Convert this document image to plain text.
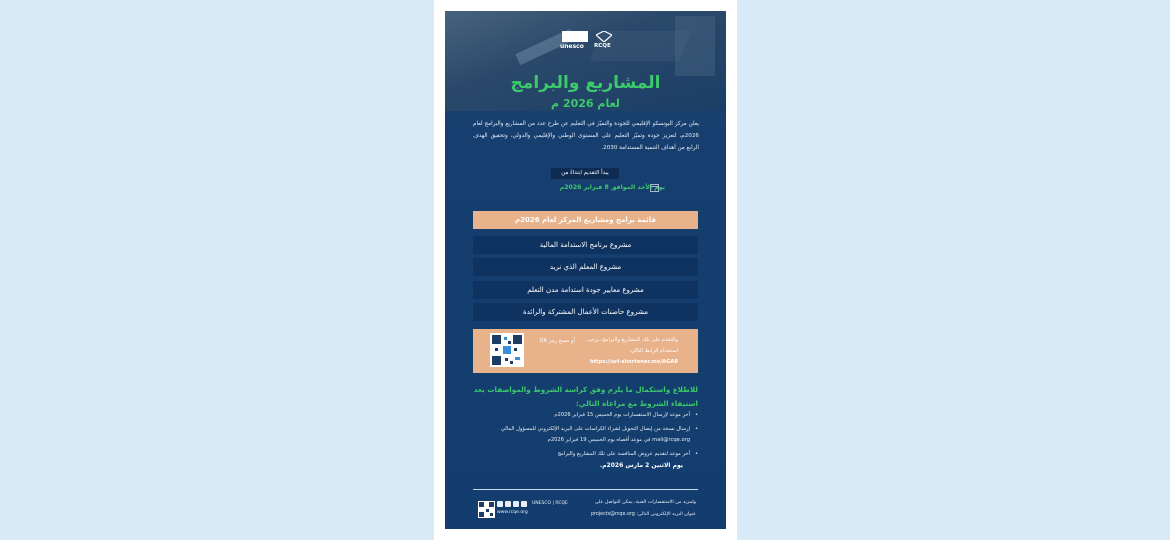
unesco RCQE
المشاريع والبرامج
لعام 2026 م
يعلن مركز اليونسكو الإقليمي للجودة والتميّز في التعليم عن طرح عدد من المشاريع والبرامج لعام 2026م، لتعزيز جودة وتميّز التعليم على المستوى الوطني والإقليمي والدولي، وتحقيق الهدف الرابع من أهداف التنمية المستدامة 2030.
يبدأ التقديم ابتداءً من
يوم الأحد الموافق 8 فبراير 2026م
قائمة برامج ومشاريع المركز لعام 2026م
مشروع برنامج الاستدامة المالية
مشروع المعلم الذي نريد
مشروع معايير جودة استدامة مدن التعلم
مشروع حاضنات الأعمال المشتركة والرائدة
وللتقدم على تلك المشاريع والبرامج، يرجى استخدام الرابط التالي:
https://url-shortener.me/AGA8
أو مسح رمز QR
للاطلاع واستكمال ما يلزم وفق كراسة الشروط والمواصفات بعد استيفاء الشروط مع مراعاة التالي:
• آخر موعد لإرسال الاستفسارات يوم الخميس 15 فبراير 2026م
• إرسال نسخة من إيصال التحويل لشراء الكراسات على البريد الإلكتروني للمسؤول المالي mali@rcqe.org في موعد أقصاه يوم الخميس 19 فبراير 2026م
• آخر موعد لتقديم عروض المنافسة على تلك المشاريع والبرامج
يوم الاثنين 2 مارس 2026م.
ولمزيد من الاستفسارات الفنية، يمكن التواصل على
عنوان البريد الإلكتروني التالي: projects@rcqe.org
UNESCO | RCQE
www.rcqe.org
